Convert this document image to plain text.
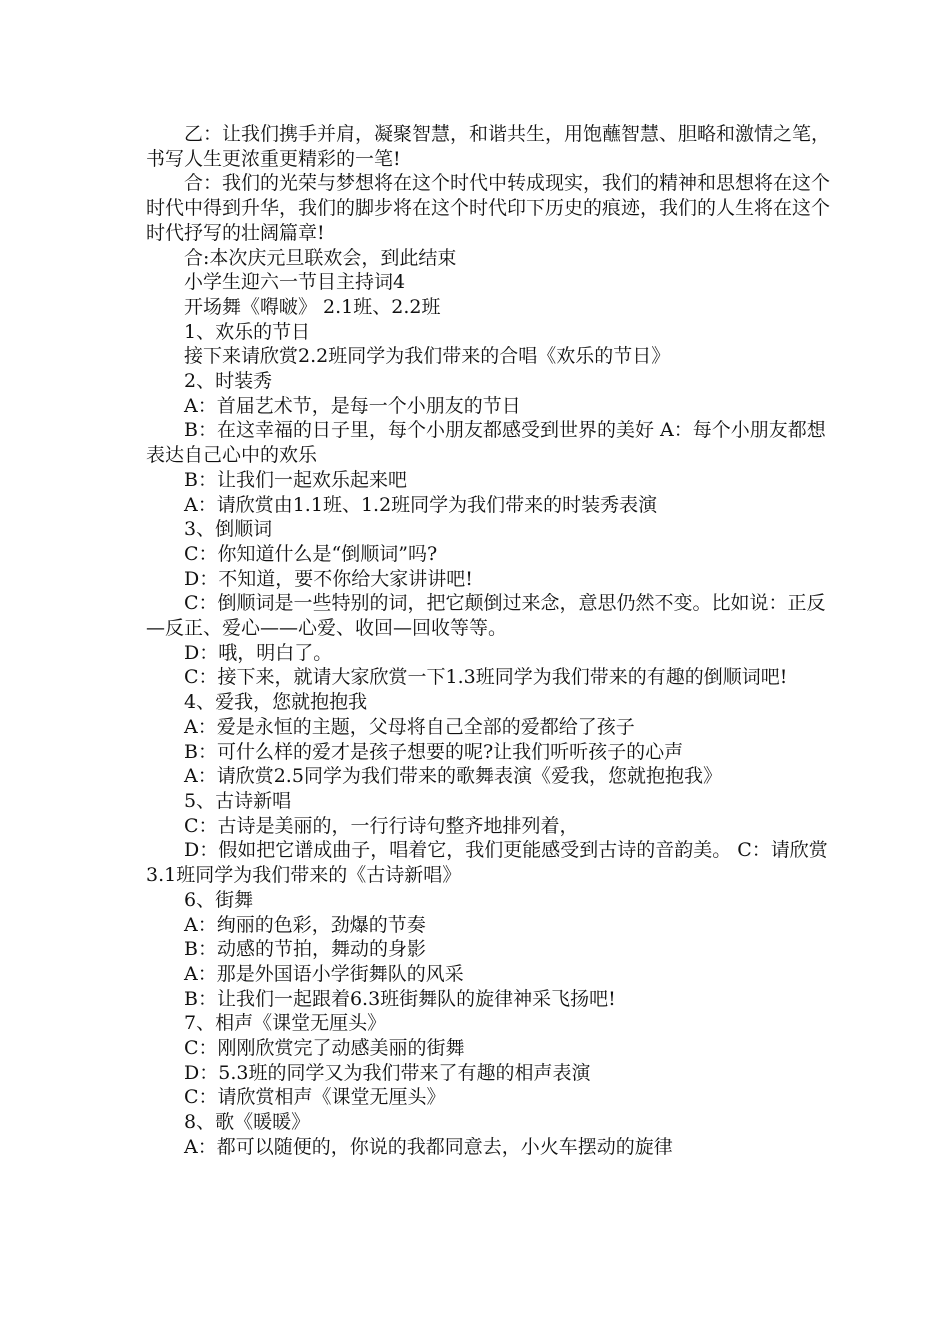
乙：让我们携手并肩，凝聚智慧，和谐共生，用饱蘸智慧、胆略和激情之笔，书写人生更浓重更精彩的一笔!

合：我们的光荣与梦想将在这个时代中转成现实，我们的精神和思想将在这个时代中得到升华，我们的脚步将在这个时代印下历史的痕迹，我们的人生将在这个时代抒写的壮阔篇章!

合:本次庆元旦联欢会，到此结束

小学生迎六一节目主持词4

开场舞《嘚啵》 2.1班、2.2班

1、欢乐的节日

接下来请欣赏2.2班同学为我们带来的合唱《欢乐的节日》

2、时装秀

A：首届艺术节，是每一个小朋友的节日

B：在这幸福的日子里，每个小朋友都感受到世界的美好 A：每个小朋友都想表达自己心中的欢乐

B：让我们一起欢乐起来吧

A：请欣赏由1.1班、1.2班同学为我们带来的时装秀表演

3、倒顺词

C：你知道什么是“倒顺词”吗?

D：不知道，要不你给大家讲讲吧!

C：倒顺词是一些特别的词，把它颠倒过来念，意思仍然不变。比如说：正反—反正、爱心——心爱、收回—回收等等。

D：哦，明白了。

C：接下来，就请大家欣赏一下1.3班同学为我们带来的有趣的倒顺词吧!

4、爱我，您就抱抱我

A：爱是永恒的主题，父母将自己全部的爱都给了孩子

B：可什么样的爱才是孩子想要的呢?让我们听听孩子的心声

A：请欣赏2.5同学为我们带来的歌舞表演《爱我，您就抱抱我》

5、古诗新唱

C：古诗是美丽的，一行行诗句整齐地排列着，

D：假如把它谱成曲子，唱着它，我们更能感受到古诗的音韵美。 C：请欣赏3.1班同学为我们带来的《古诗新唱》

6、街舞

A：绚丽的色彩，劲爆的节奏

B：动感的节拍，舞动的身影

A：那是外国语小学街舞队的风采

B：让我们一起跟着6.3班街舞队的旋律神采飞扬吧!

7、相声《课堂无厘头》

C：刚刚欣赏完了动感美丽的街舞

D：5.3班的同学又为我们带来了有趣的相声表演

C：请欣赏相声《课堂无厘头》

8、歌《暖暖》

A：都可以随便的，你说的我都同意去，小火车摆动的旋律
